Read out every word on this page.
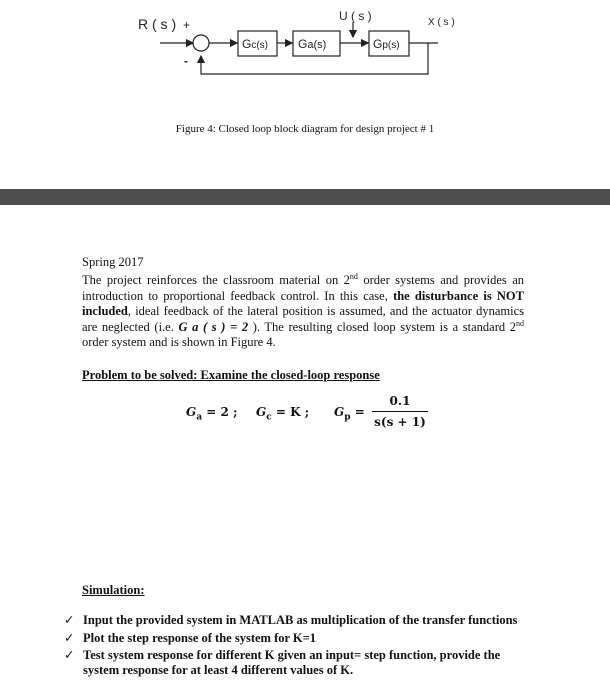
R ( s ) +
-
U ( s )	X ( s )
Gc(s) Ga(s)	Gp(s)
Figure 4: Closed loop block diagram for design project # 1
Spring 2017
The project reinforces the classroom material on 2nd order systems and provides an introduction to proportional feedback control. In this case, the disturbance is NOT included, ideal feedback of the lateral position is assumed, and the actuator dynamics are neglected (i.e. G a ( s ) = 2 ). The resulting closed loop system is a standard 2nd order system and is shown in Figure 4.
Problem to be solved: Examine the closed-loop response
$G_a = 2$ ; $G_c = K$ ; $G_p = \frac{0.1}{s(s + 1)}$
Simulation:
✓ Input the provided system in MATLAB as multiplication of the transfer functions
✓ Plot the step response of the system for K=1
✓ Test system response for different K given an input= step function, provide the system response for at least 4 different values of K.
